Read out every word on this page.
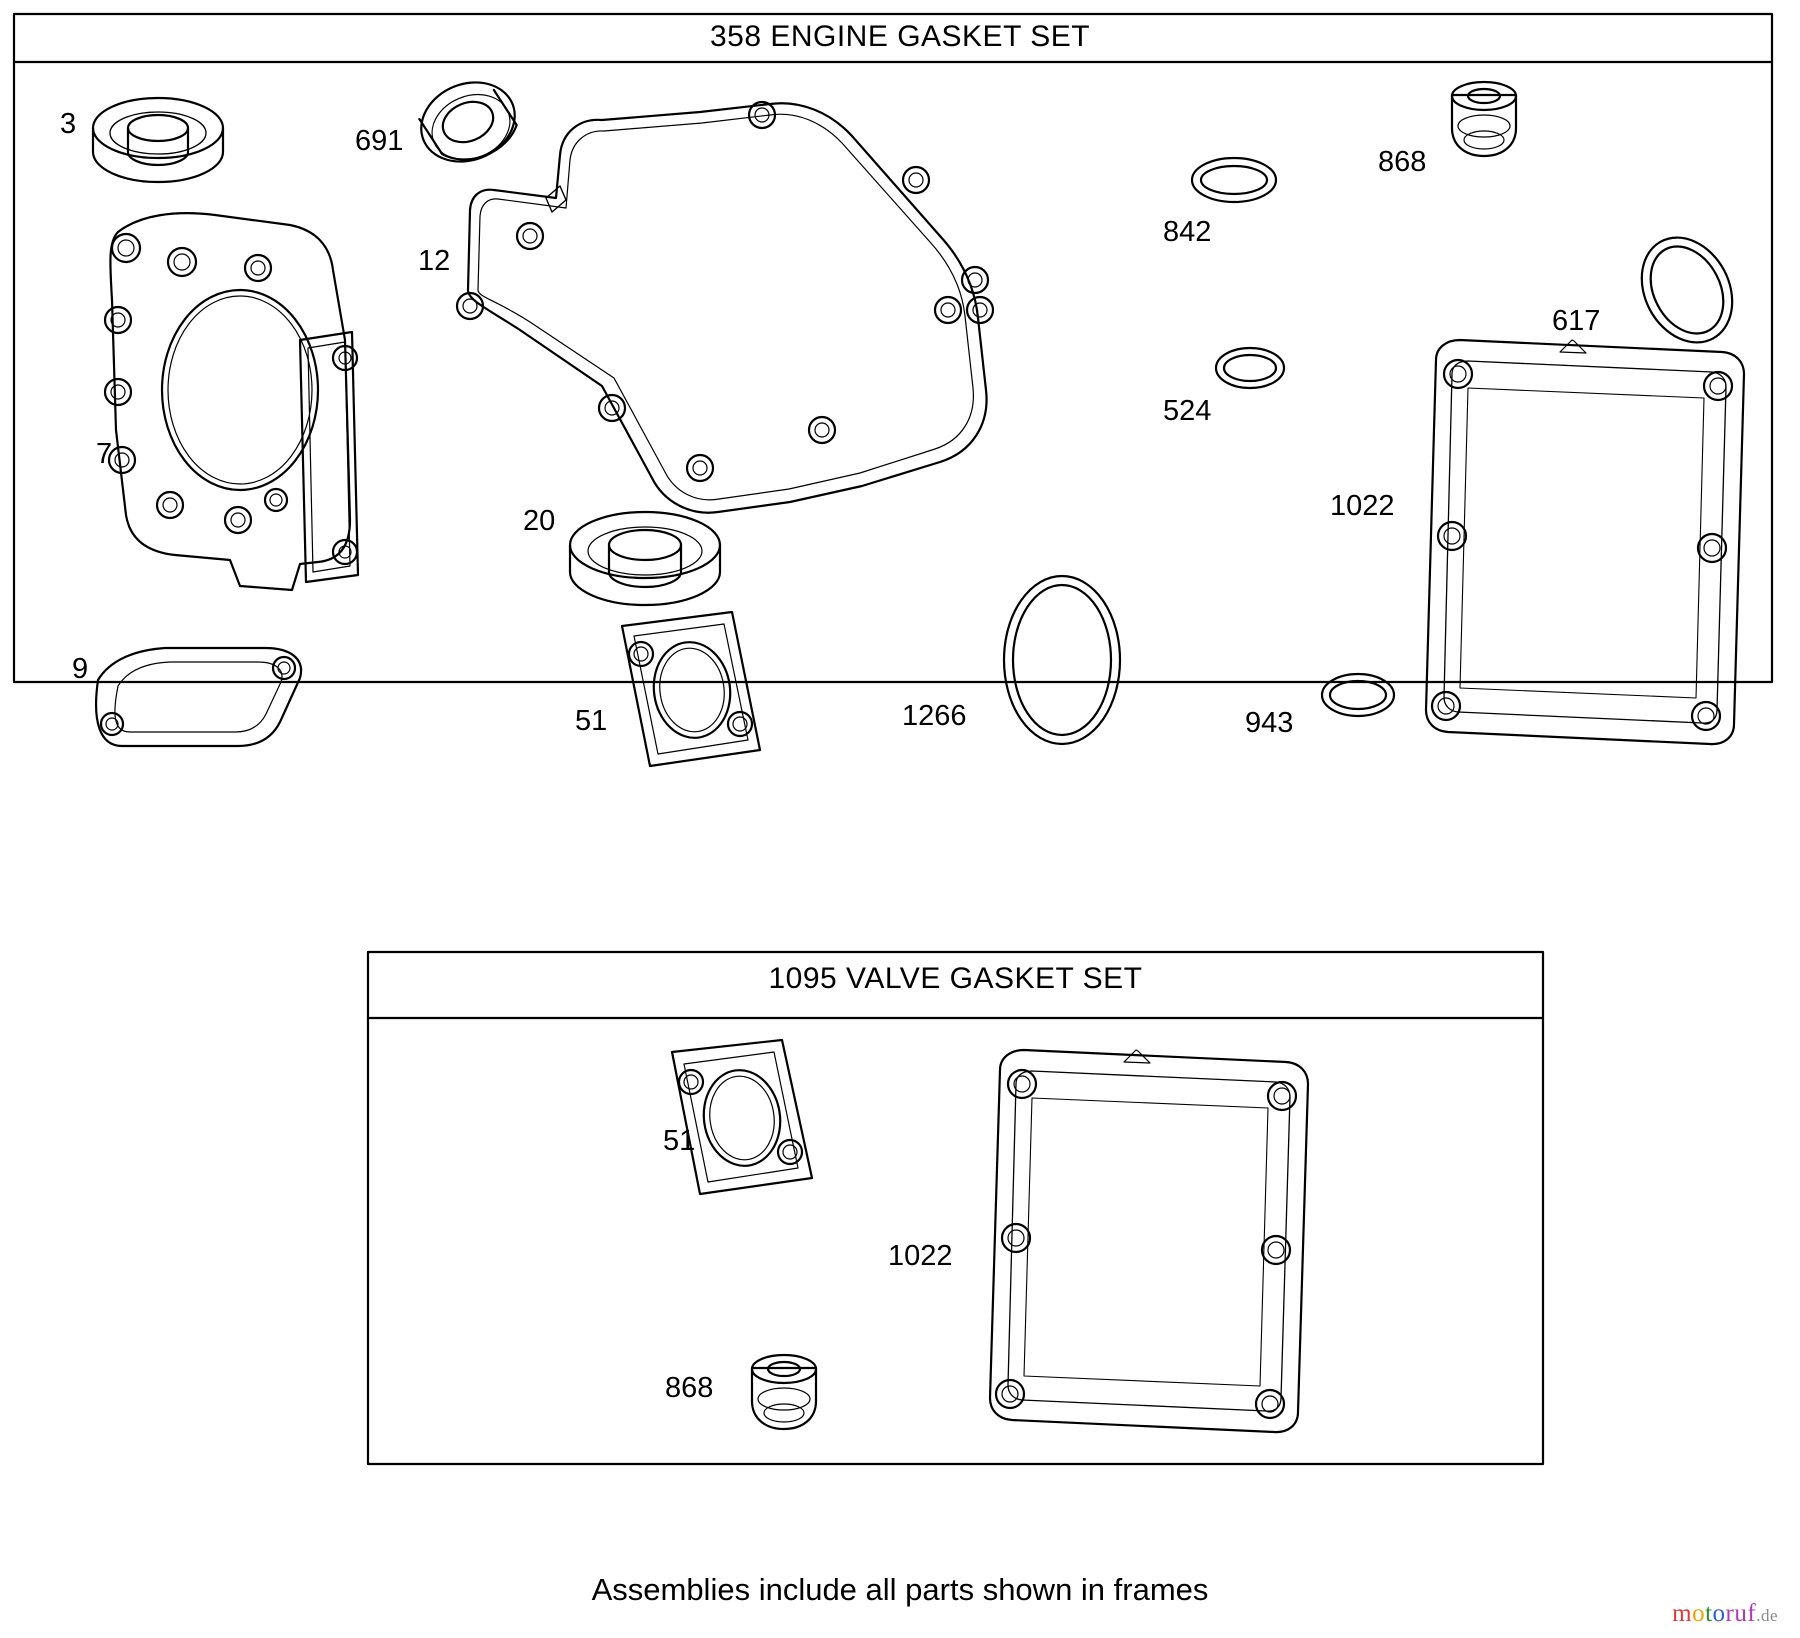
358 ENGINE GASKET SET
1095 VALVE GASKET SET
3
691
868
842
12
617
524
7
1022
20
9
51	1266	943
51
1022
868
Assemblies include all parts shown in frames
motoruf.de
